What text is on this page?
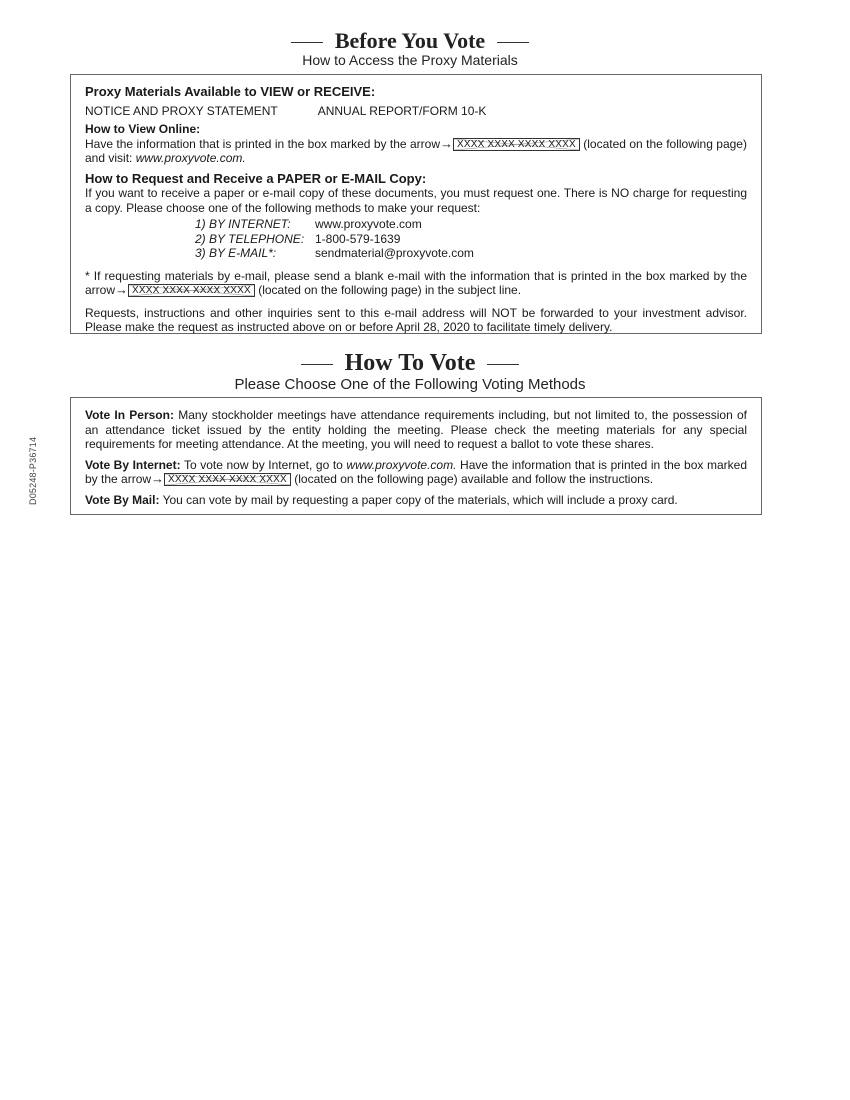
D05248-P36714
Before You Vote
How to Access the Proxy Materials

Proxy Materials Available to VIEW or RECEIVE:

NOTICE AND PROXY STATEMENT	ANNUAL REPORT/FORM 10-K

How to View Online:

Have the information that is printed in the box marked by the arrow→ XXXX XXXX XXXX XXXX (located on the following page) and visit: www.proxyvote.com.

How to Request and Receive a PAPER or E-MAIL Copy:

If you want to receive a paper or e-mail copy of these documents, you must request one. There is NO charge for requesting a copy. Please choose one of the following methods to make your request:

1) BY INTERNET:	www.proxyvote.com
2) BY TELEPHONE: 1-800-579-1639
3) BY E-MAIL*:	sendmaterial@proxyvote.com

* If requesting materials by e-mail, please send a blank e-mail with the information that is printed in the box marked by the arrow→ XXXX XXXX XXXX XXXX (located on the following page) in the subject line.

Requests, instructions and other inquiries sent to this e-mail address will NOT be forwarded to your investment advisor. Please make the request as instructed above on or before April 28, 2020 to facilitate timely delivery.

How To Vote
Please Choose One of the Following Voting Methods

Vote In Person: Many stockholder meetings have attendance requirements including, but not limited to, the possession of an attendance ticket issued by the entity holding the meeting. Please check the meeting materials for any special requirements for meeting attendance. At the meeting, you will need to request a ballot to vote these shares.

Vote By Internet: To vote now by Internet, go to www.proxyvote.com. Have the information that is printed in the box marked by the arrow→ XXXX XXXX XXXX XXXX (located on the following page) available and follow the instructions.

Vote By Mail: You can vote by mail by requesting a paper copy of the materials, which will include a proxy card.
